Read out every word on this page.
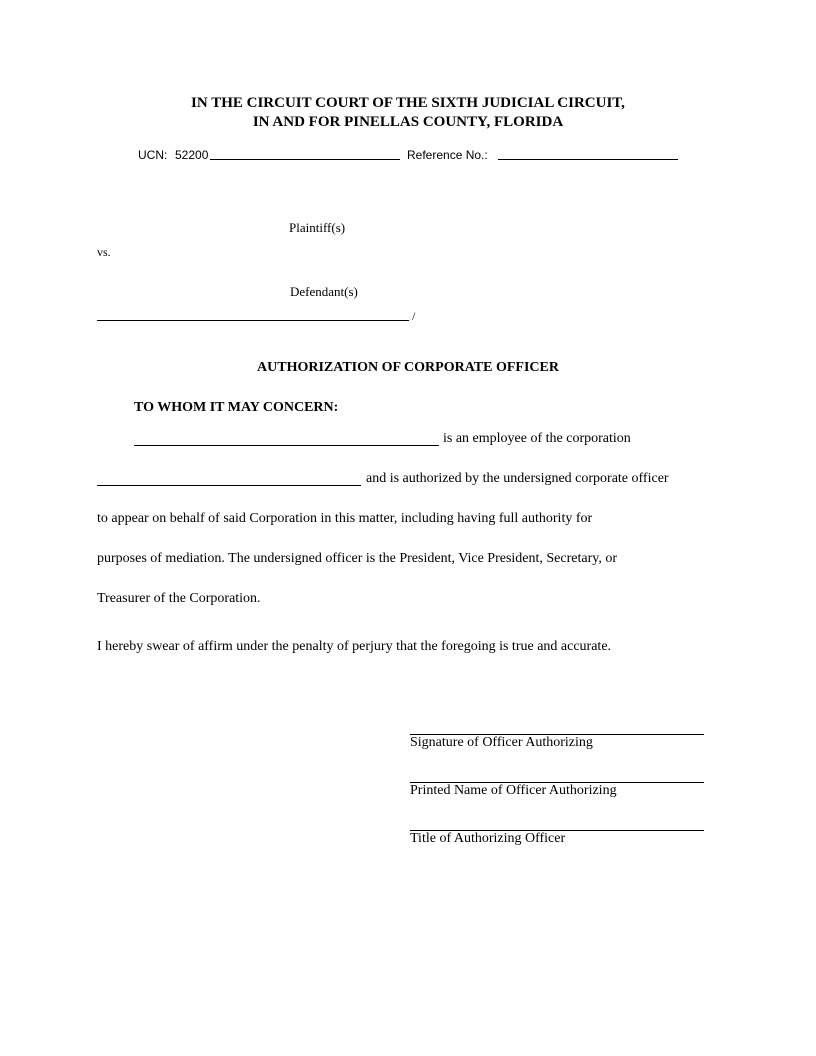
IN THE CIRCUIT COURT OF THE SIXTH JUDICIAL CIRCUIT,
IN AND FOR PINELLAS COUNTY, FLORIDA
UCN: 52200	Reference No.:
Plaintiff(s)
vs.
Defendant(s)
/
AUTHORIZATION OF CORPORATE OFFICER
TO WHOM IT MAY CONCERN:
is an employee of the corporation
and is authorized by the undersigned corporate officer
to appear on behalf of said Corporation in this matter, including having full authority for
purposes of mediation. The undersigned officer is the President, Vice President, Secretary, or
Treasurer of the Corporation.
I hereby swear of affirm under the penalty of perjury that the foregoing is true and accurate.
Signature of Officer Authorizing
Printed Name of Officer Authorizing
Title of Authorizing Officer
